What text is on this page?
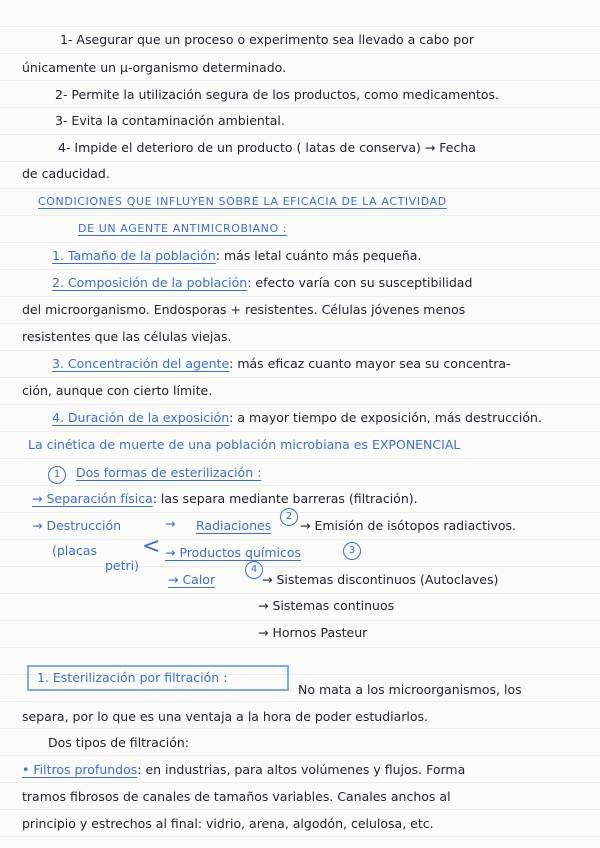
1- Asegurar que un proceso o experimento sea llevado a cabo por
únicamente un μ-organismo determinado.
2- Permite la utilización segura de los productos, como medicamentos.
3- Evita la contaminación ambiental.
4- Impide el deterioro de un producto ( latas de conserva) → Fecha
de caducidad.
CONDICIONES QUE INFLUYEN SOBRE LA EFICACIA DE LA ACTIVIDAD
DE UN AGENTE ANTIMICROBIANO :
1. Tamaño de la población: más letal cuánto más pequeña.
2. Composición de la población: efecto varía con su susceptibilidad
del microorganismo. Endosporas + resistentes. Células jóvenes menos
resistentes que las células viejas.
3. Concentración del agente: más eficaz cuanto mayor sea su concentra-
ción, aunque con cierto límite.
4. Duración de la exposición: a mayor tiempo de exposición, más destrucción.
La cinética de muerte de una población microbiana es EXPONENCIAL
1 Dos formas de esterilización :
→ Separación física: las separa mediante barreras (filtración).
→ Destrucción	→ Radiaciones
2
→ Emisión de isótopos radiactivos.
(placas
petri)
< → Productos químicos	3
→ Calor
4
→ Sistemas discontinuos (Autoclaves)
→ Sistemas continuos
→ Hornos Pasteur
1. Esterilización por filtración :
No mata a los microorganismos, los
separa, por lo que es una ventaja a la hora de poder estudiarlos.
Dos tipos de filtración:
• Filtros profundos: en industrias, para altos volúmenes y flujos. Forma
tramos fibrosos de canales de tamaños variables. Canales anchos al
principio y estrechos al final: vidrio, arena, algodón, celulosa, etc.
